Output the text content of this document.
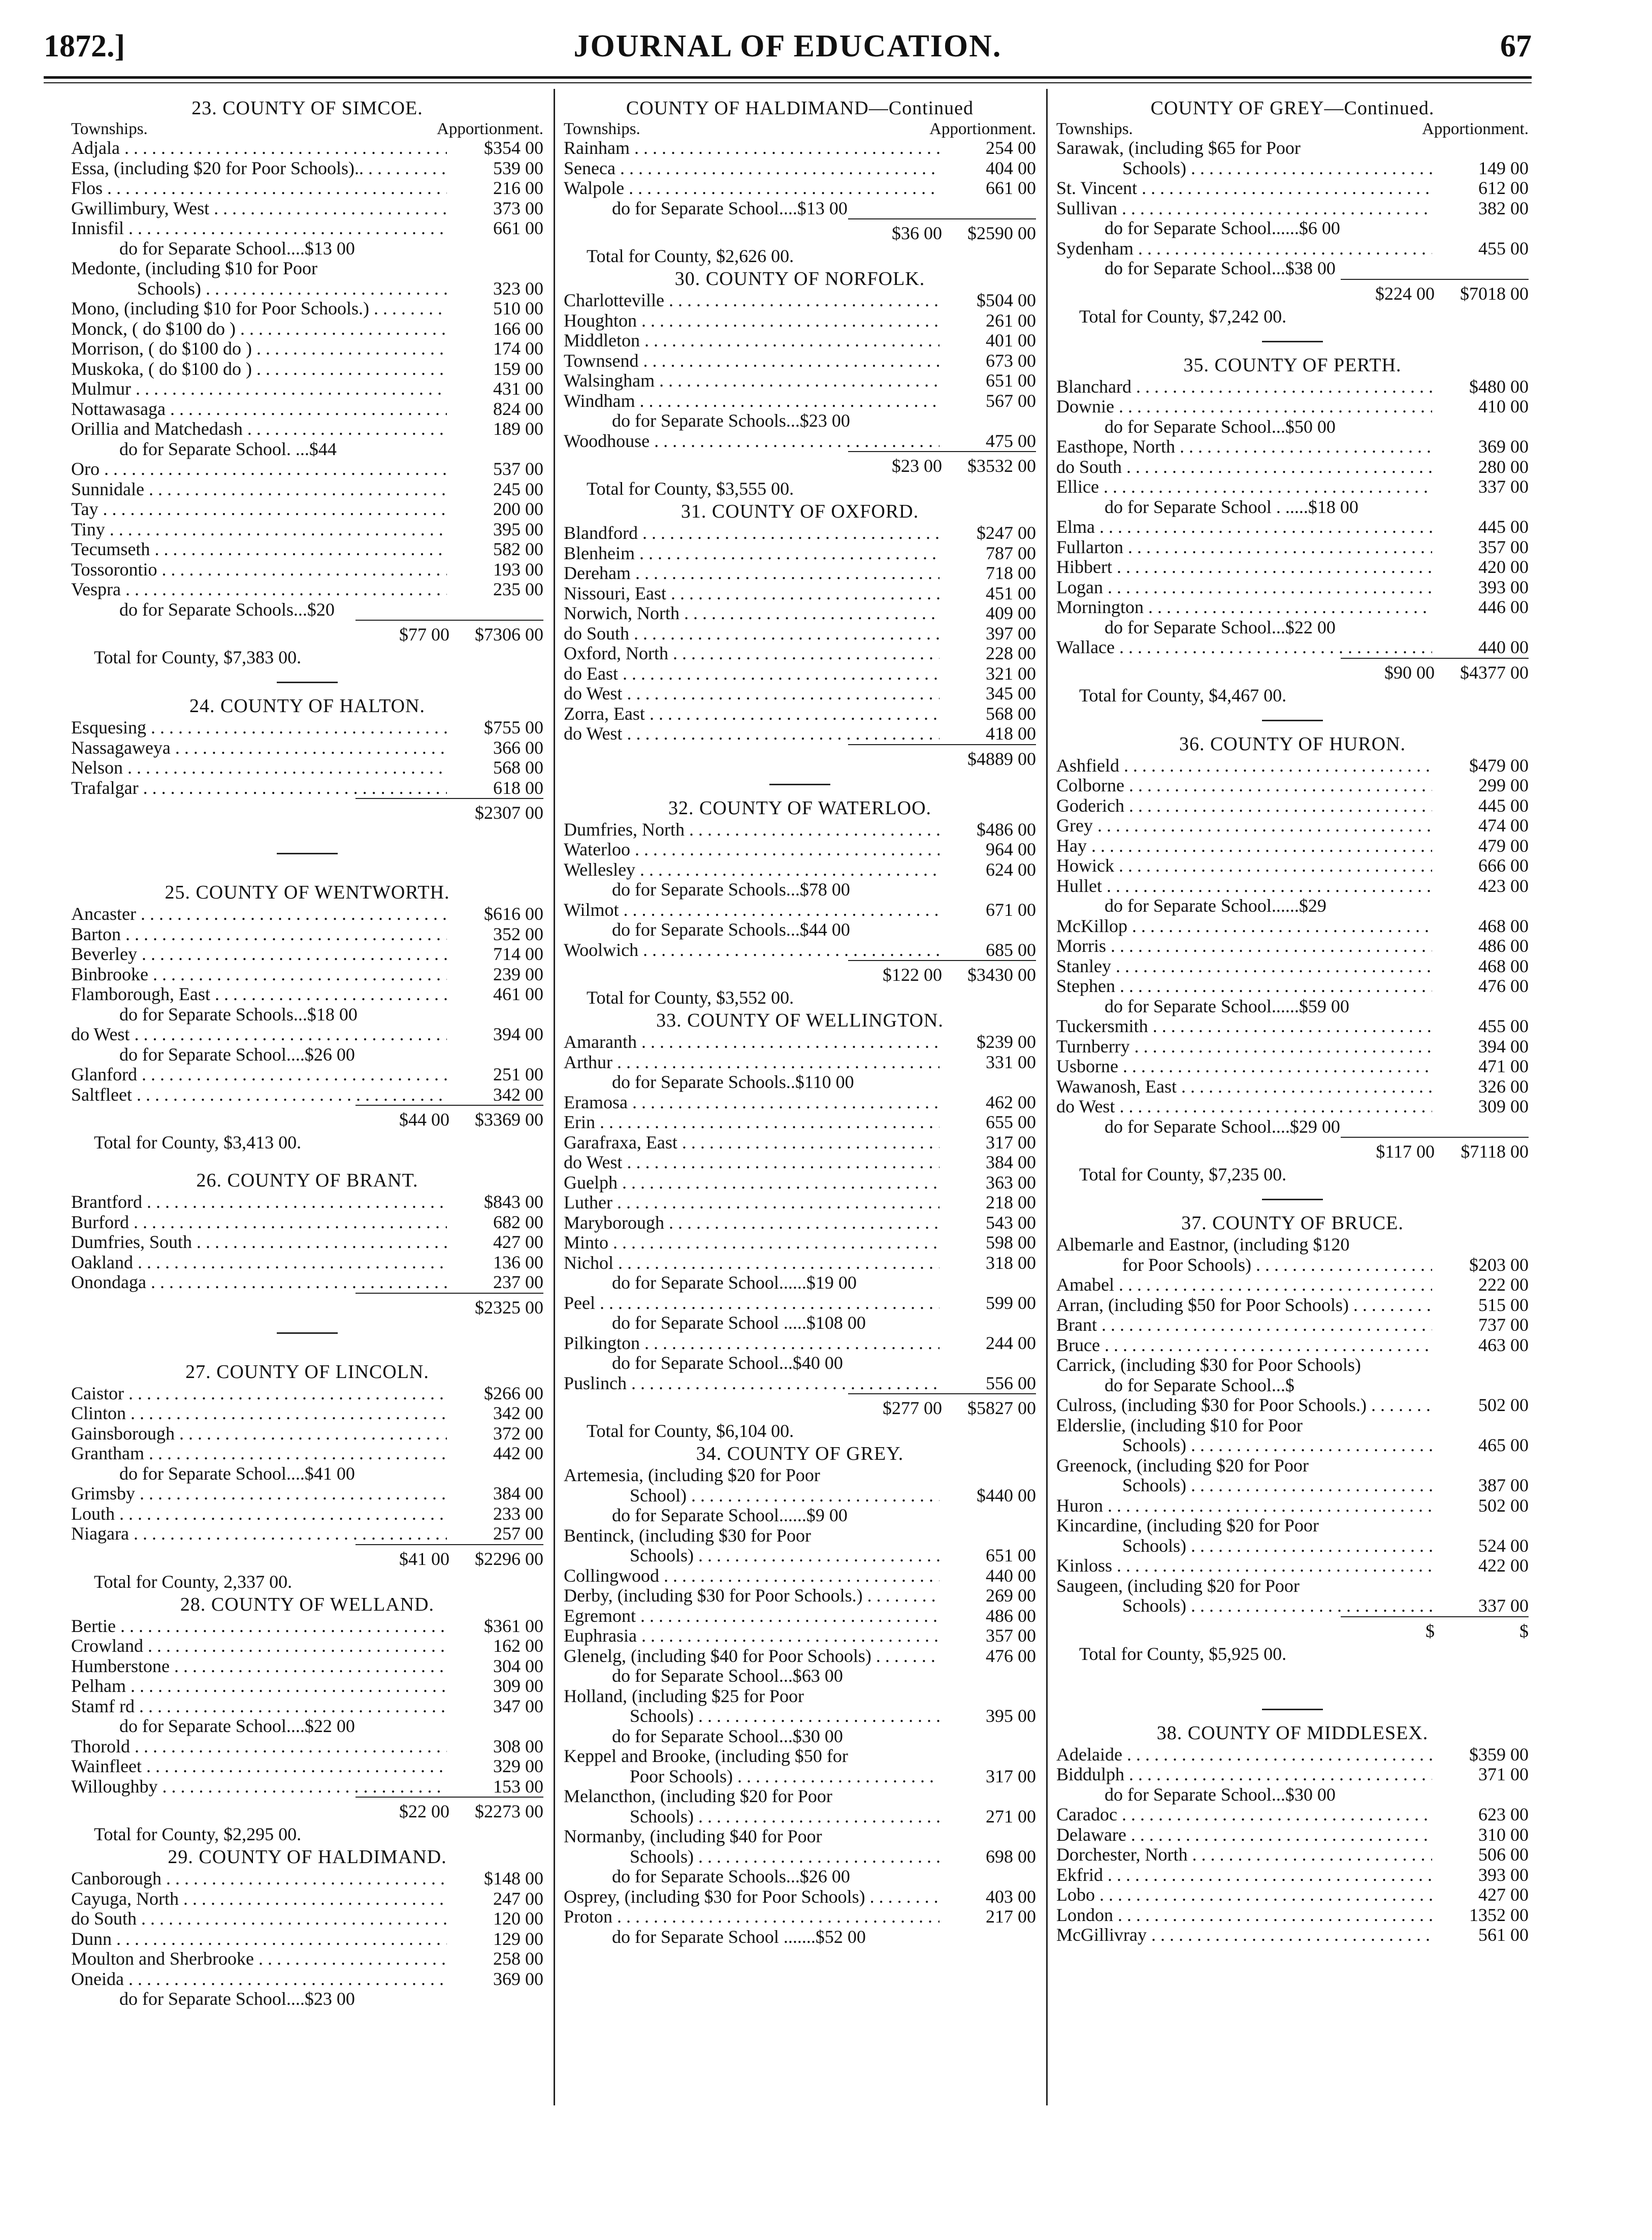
1872.]	JOURNAL OF EDUCATION.	67
23. COUNTY OF SIMCOE.
Townships.	Apportionment.
Adjala . . .	$354 00
Essa, (including $20 for Poor Schools).. . . .	539 00
Flos . . .	216 00
Gwillimbury, West . . .	373 00
Innisfil . . .	661 00
do for Separate School....$13 00
Medonte, (including $10 for Poor
Schools) . . .	323 00
Mono, (including $10 for Poor Schools.) . . .	510 00
Monck, ( do $100 do ) . . .	166 00
Morrison, ( do $100 do ) . . .	174 00
Muskoka, ( do $100 do ) . . .	159 00
Mulmur . . .	431 00
Nottawasaga . . .	824 00
Orillia and Matchedash . . .	189 00
do for Separate School. ...$44
Oro . . .	537 00
Sunnidale . . .	245 00
Tay . . .	200 00
Tiny . . .	395 00
Tecumseth . . .	582 00
Tossorontio . . .	193 00
Vespra . . .	235 00
do for Separate Schools...$20
$77 00	$7306 00
Total for County, $7,383 00.
24. COUNTY OF HALTON.
Esquesing . . .	$755 00
Nassagaweya . . .	366 00
Nelson . . .	568 00
Trafalgar . . .	618 00
$2307 00
25. COUNTY OF WENTWORTH.
Ancaster . . .	$616 00
Barton . . .	352 00
Beverley . . .	714 00
Binbrooke . . .	239 00
Flamborough, East . . .	461 00
do for Separate Schools...$18 00
do West . . .	394 00
do for Separate School....$26 00
Glanford . . .	251 00
Saltfleet . . .	342 00
$44 00	$3369 00
Total for County, $3,413 00.
26. COUNTY OF BRANT.
Brantford . . .	$843 00
Burford . . .	682 00
Dumfries, South . . .	427 00
Oakland . . .	136 00
Onondaga . . .	237 00
$2325 00
27. COUNTY OF LINCOLN.
Caistor . . .	$266 00
Clinton . . .	342 00
Gainsborough . . .	372 00
Grantham . . .	442 00
do for Separate School....$41 00
Grimsby . . .	384 00
Louth . . .	233 00
Niagara . . .	257 00
$41 00	$2296 00
Total for County, 2,337 00.
28. COUNTY OF WELLAND.
Bertie . . .	$361 00
Crowland . . .	162 00
Humberstone . . .	304 00
Pelham . . .	309 00
Stamf rd . . .	347 00
do for Separate School....$22 00
Thorold . . .	308 00
Wainfleet . . .	329 00
Willoughby . . .	153 00
$22 00	$2273 00
Total for County, $2,295 00.
29. COUNTY OF HALDIMAND.
Canborough . . .	$148 00
Cayuga, North . . .	247 00
do South . . .	120 00
Dunn . . .	129 00
Moulton and Sherbrooke . . .	258 00
Oneida . . .	369 00
do for Separate School....$23 00
COUNTY OF HALDIMAND—Continued
Townships.	Apportionment.
Rainham . . .	254 00
Seneca . . .	404 00
Walpole . . .	661 00
do for Separate School....$13 00
$36 00	$2590 00
Total for County, $2,626 00.
30. COUNTY OF NORFOLK.
Charlotteville . . .	$504 00
Houghton . . .	261 00
Middleton . . .	401 00
Townsend . . .	673 00
Walsingham . . .	651 00
Windham . . .	567 00
do for Separate Schools...$23 00
Woodhouse . . .	475 00
$23 00	$3532 00
Total for County, $3,555 00.
31. COUNTY OF OXFORD.
Blandford . . .	$247 00
Blenheim . . .	787 00
Dereham . . .	718 00
Nissouri, East . . .	451 00
Norwich, North . . .	409 00
do South . . .	397 00
Oxford, North . . .	228 00
do East . . .	321 00
do West . . .	345 00
Zorra, East . . .	568 00
do West . . .	418 00
$4889 00
32. COUNTY OF WATERLOO.
Dumfries, North . . .	$486 00
Waterloo . . .	964 00
Wellesley . . .	624 00
do for Separate Schools...$78 00
Wilmot . . .	671 00
do for Separate Schools...$44 00
Woolwich . . .	685 00
$122 00	$3430 00
Total for County, $3,552 00.
33. COUNTY OF WELLINGTON.
Amaranth . . .	$239 00
Arthur . . .	331 00
do for Separate Schools..$110 00
Eramosa . . .	462 00
Erin . . .	655 00
Garafraxa, East . . .	317 00
do West . . .	384 00
Guelph . . .	363 00
Luther . . .	218 00
Maryborough . . .	543 00
Minto . . .	598 00
Nichol . . .	318 00
do for Separate School......$19 00
Peel . . .	599 00
do for Separate School .....$108 00
Pilkington . . .	244 00
do for Separate School...$40 00
Puslinch . . .	556 00
$277 00	$5827 00
Total for County, $6,104 00.
34. COUNTY OF GREY.
Artemesia, (including $20 for Poor
School) . . .	$440 00
do for Separate School......$9 00
Bentinck, (including $30 for Poor
Schools) . . .	651 00
Collingwood . . .	440 00
Derby, (including $30 for Poor Schools.) . . .	269 00
Egremont . . .	486 00
Euphrasia . . .	357 00
Glenelg, (including $40 for Poor Schools) . . .	476 00
do for Separate School...$63 00
Holland, (including $25 for Poor
Schools) . . .	395 00
do for Separate School...$30 00
Keppel and Brooke, (including $50 for
Poor Schools) . . .	317 00
Melancthon, (including $20 for Poor
Schools) . . .	271 00
Normanby, (including $40 for Poor
Schools) . . .	698 00
do for Separate Schools...$26 00
Osprey, (including $30 for Poor Schools) . . .	403 00
Proton . . .	217 00
do for Separate School .......$52 00
COUNTY OF GREY—Continued.
Townships.	Apportionment.
Sarawak, (including $65 for Poor
Schools) . . .	149 00
St. Vincent . . .	612 00
Sullivan . . .	382 00
do for Separate School......$6 00
Sydenham . . .	455 00
do for Separate School...$38 00
$224 00	$7018 00
Total for County, $7,242 00.
35. COUNTY OF PERTH.
Blanchard . . .	$480 00
Downie . . .	410 00
do for Separate School...$50 00
Easthope, North . . .	369 00
do South . . .	280 00
Ellice . . .	337 00
do for Separate School . .....$18 00
Elma . . .	445 00
Fullarton . . .	357 00
Hibbert . . .	420 00
Logan . . .	393 00
Mornington . . .	446 00
do for Separate School...$22 00
Wallace . . .	440 00
$90 00	$4377 00
Total for County, $4,467 00.
36. COUNTY OF HURON.
Ashfield . . .	$479 00
Colborne . . .	299 00
Goderich . . .	445 00
Grey . . .	474 00
Hay . . .	479 00
Howick . . .	666 00
Hullet . . .	423 00
do for Separate School......$29
McKillop . . .	468 00
Morris . . .	486 00
Stanley . . .	468 00
Stephen . . .	476 00
do for Separate School......$59 00
Tuckersmith . . .	455 00
Turnberry . . .	394 00
Usborne . . .	471 00
Wawanosh, East . . .	326 00
do West . . .	309 00
do for Separate School....$29 00
$117 00	$7118 00
Total for County, $7,235 00.
37. COUNTY OF BRUCE.
Albemarle and Eastnor, (including $120
for Poor Schools) . . .	$203 00
Amabel . . .	222 00
Arran, (including $50 for Poor Schools) . . .	515 00
Brant . . .	737 00
Bruce . . .	463 00
Carrick, (including $30 for Poor Schools)
do for Separate School...$
Culross, (including $30 for Poor Schools.) . . .	502 00
Elderslie, (including $10 for Poor
Schools) . . .	465 00
Greenock, (including $20 for Poor
Schools) . . .	387 00
Huron . . .	502 00
Kincardine, (including $20 for Poor
Schools) . . .	524 00
Kinloss . . .	422 00
Saugeen, (including $20 for Poor
Schools) . . .	337 00
$	$
Total for County, $5,925 00.
38. COUNTY OF MIDDLESEX.
Adelaide . . .	$359 00
Biddulph . . .	371 00
do for Separate School...$30 00
Caradoc . . .	623 00
Delaware . . .	310 00
Dorchester, North . . .	506 00
Ekfrid . . .	393 00
Lobo . . .	427 00
London . . .	1352 00
McGillivray . . .	561 00
